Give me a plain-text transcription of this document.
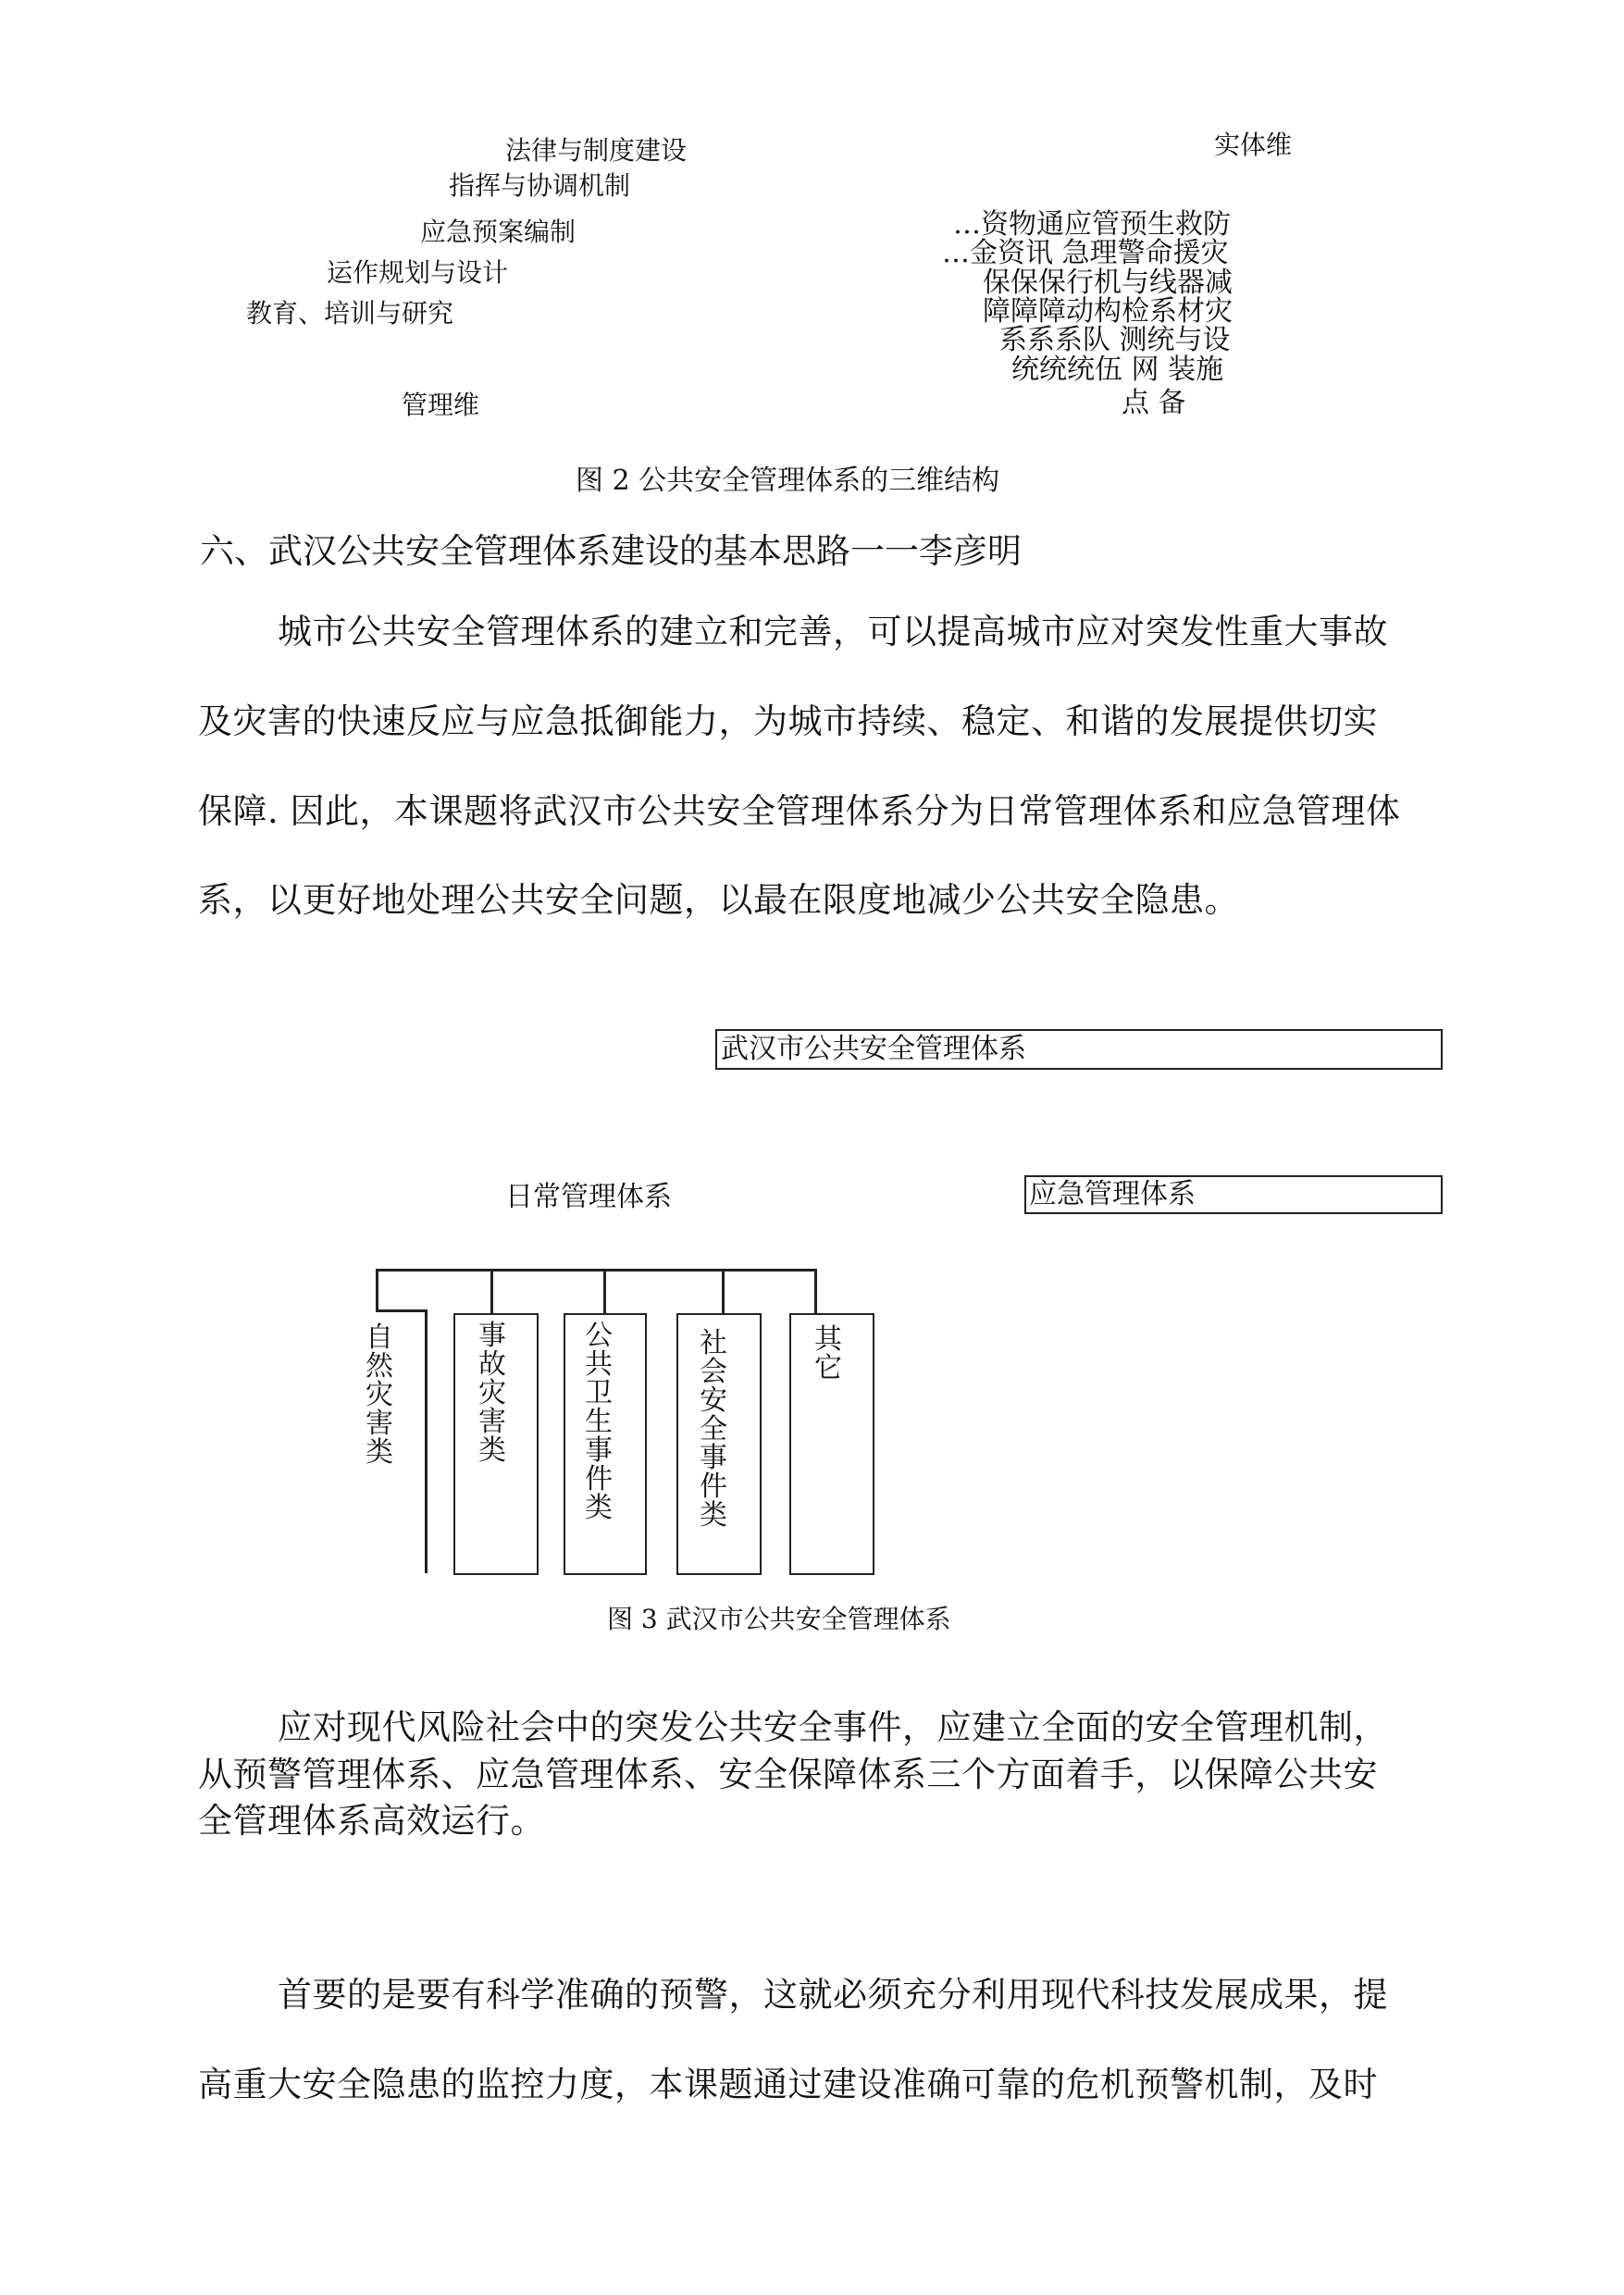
法律与制度建设
指挥与协调机制
应急预案编制
运作规划与设计
教育、培训与研究
管理维
实体维
…资物通应管预生救防
…金资讯 急理警命援灾
保保保行机与线器减
障障障动构检系材灾
系系系队 测统与设
统统统伍 网 装施
点 备
图 2 公共安全管理体系的三维结构
六、武汉公共安全管理体系建设的基本思路一一李彦明
城市公共安全管理体系的建立和完善，可以提高城市应对突发性重大事故
及灾害的快速反应与应急抵御能力，为城市持续、稳定、和谐的发展提供切实
保障. 因此，本课题将武汉市公共安全管理体系分为日常管理体系和应急管理体
系，以更好地处理公共安全问题，以最在限度地减少公共安全隐患。
武汉市公共安全管理体系
日常管理体系	应急管理体系
自然灾害类
事故灾害类
公共卫生事件类
社会安全事件类
其它
图 3 武汉市公共安全管理体系
应对现代风险社会中的突发公共安全事件，应建立全面的安全管理机制，
从预警管理体系、应急管理体系、安全保障体系三个方面着手，以保障公共安
全管理体系高效运行。
首要的是要有科学准确的预警，这就必须充分利用现代科技发展成果，提
高重大安全隐患的监控力度，本课题通过建设准确可靠的危机预警机制，及时
